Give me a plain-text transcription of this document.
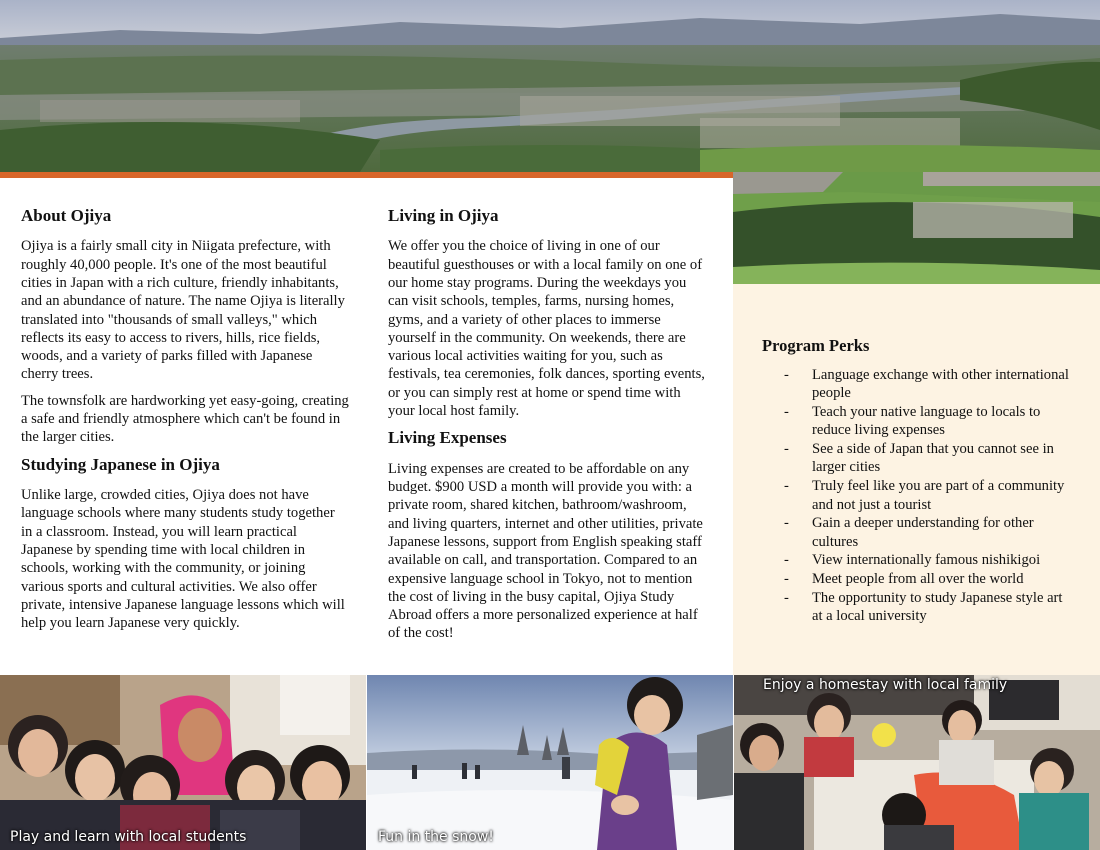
About Ojiya

Ojiya is a fairly small city in Niigata prefecture, with roughly 40,000 people. It's one of the most beautiful cities in Japan with a rich culture, friendly inhabitants, and an abundance of nature. The name Ojiya is literally translated into "thousands of small valleys," which reflects its easy to access to rivers, hills, rice fields, woods, and a variety of parks filled with Japanese cherry trees.

The townsfolk are hardworking yet easy-going, creating a safe and friendly atmosphere which can't be found in the larger cities.

Studying Japanese in Ojiya

Unlike large, crowded cities, Ojiya does not have language schools where many students study together in a classroom. Instead, you will learn practical Japanese by spending time with local children in schools, working with the community, or joining various sports and cultural activities. We also offer private, intensive Japanese language lessons which will help you learn Japanese very quickly.

Living in Ojiya

We offer you the choice of living in one of our beautiful guesthouses or with a local family on one of our home stay programs. During the weekdays you can visit schools, temples, farms, nursing homes, gyms, and a variety of other places to immerse yourself in the community. On weekends, there are various local activities waiting for you, such as festivals, tea ceremonies, folk dances, sporting events, or you can simply rest at home or spend time with your local host family.

Living Expenses

Living expenses are created to be affordable on any budget. $900 USD a month will provide you with: a private room, shared kitchen, bathroom/washroom, and living quarters, internet and other utilities, private Japanese lessons, support from English speaking staff available on call, and transportation. Compared to an expensive language school in Tokyo, not to mention the cost of living in the busy capital, Ojiya Study Abroad offers a more personalized experience at half of the cost!

Program Perks
- Language exchange with other international people
- Teach your native language to locals to reduce living expenses
- See a side of Japan that you cannot see in larger cities
- Truly feel like you are part of a community and not just a tourist
- Gain a deeper understanding for other cultures
- View internationally famous nishikigoi
- Meet people from all over the world
- The opportunity to study Japanese style art at a local university
Play and learn with local students	Fun in the snow!
Enjoy a homestay with local family
